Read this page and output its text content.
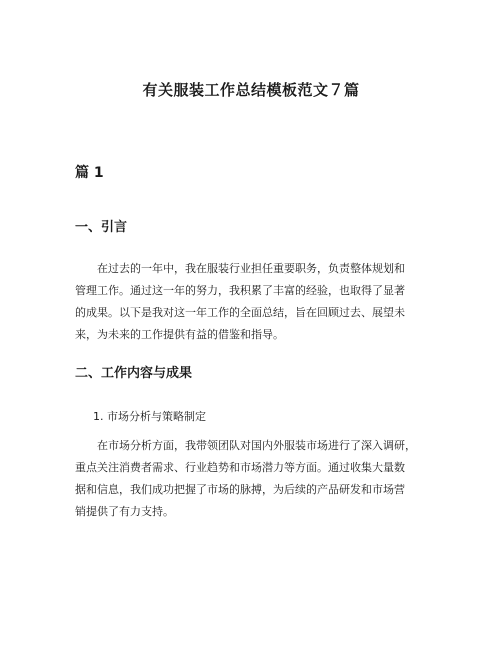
有关服装工作总结模板范文７篇
篇 1
一、引言
在过去的一年中，我在服装行业担任重要职务，负责整体规划和
管理工作。通过这一年的努力，我积累了丰富的经验，也取得了显著
的成果。以下是我对这一年工作的全面总结，旨在回顾过去、展望未
来，为未来的工作提供有益的借鉴和指导。
二、工作内容与成果
1. 市场分析与策略制定
在市场分析方面，我带领团队对国内外服装市场进行了深入调研，
重点关注消费者需求、行业趋势和市场潜力等方面。通过收集大量数
据和信息，我们成功把握了市场的脉搏，为后续的产品研发和市场营
销提供了有力支持。
